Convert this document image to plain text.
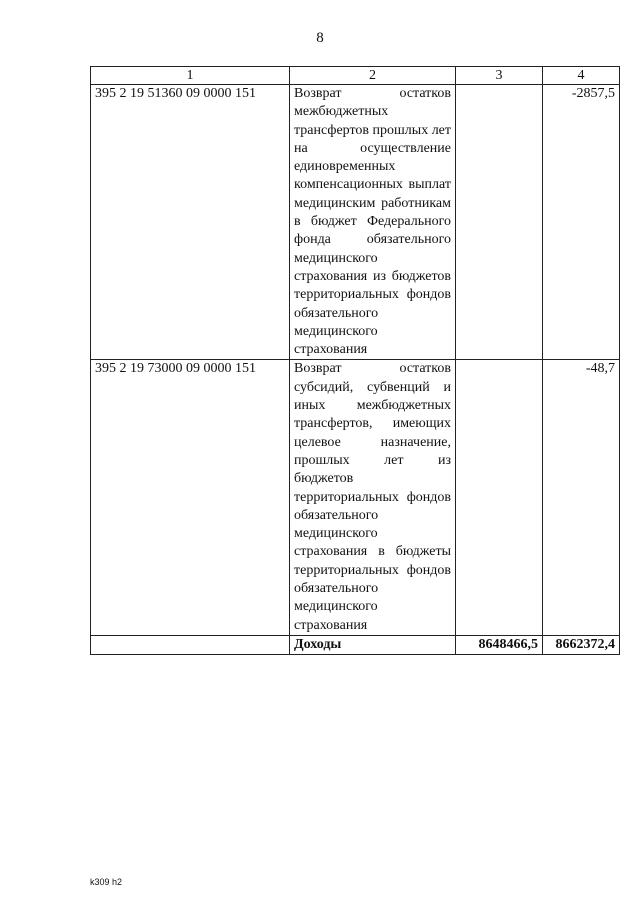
8
1	2	3	4
395 2 19 51360 09 0000 151	Возврат остатков межбюджетных трансфертов прошлых лет на осуществление единовременных компенсационных выплат медицинским работникам в бюджет Федерального фонда обязательного медицинского страхования из бюджетов территориальных фондов обязательного медицинского страхования		-2857,5
395 2 19 73000 09 0000 151	Возврат остатков субсидий, субвенций и иных межбюджетных трансфертов, имеющих целевое назначение, прошлых лет из бюджетов территориальных фондов обязательного медицинского страхования в бюджеты территориальных фондов обязательного медицинского страхования		-48,7
	Доходы	8648466,5	8662372,4
k309 h2
